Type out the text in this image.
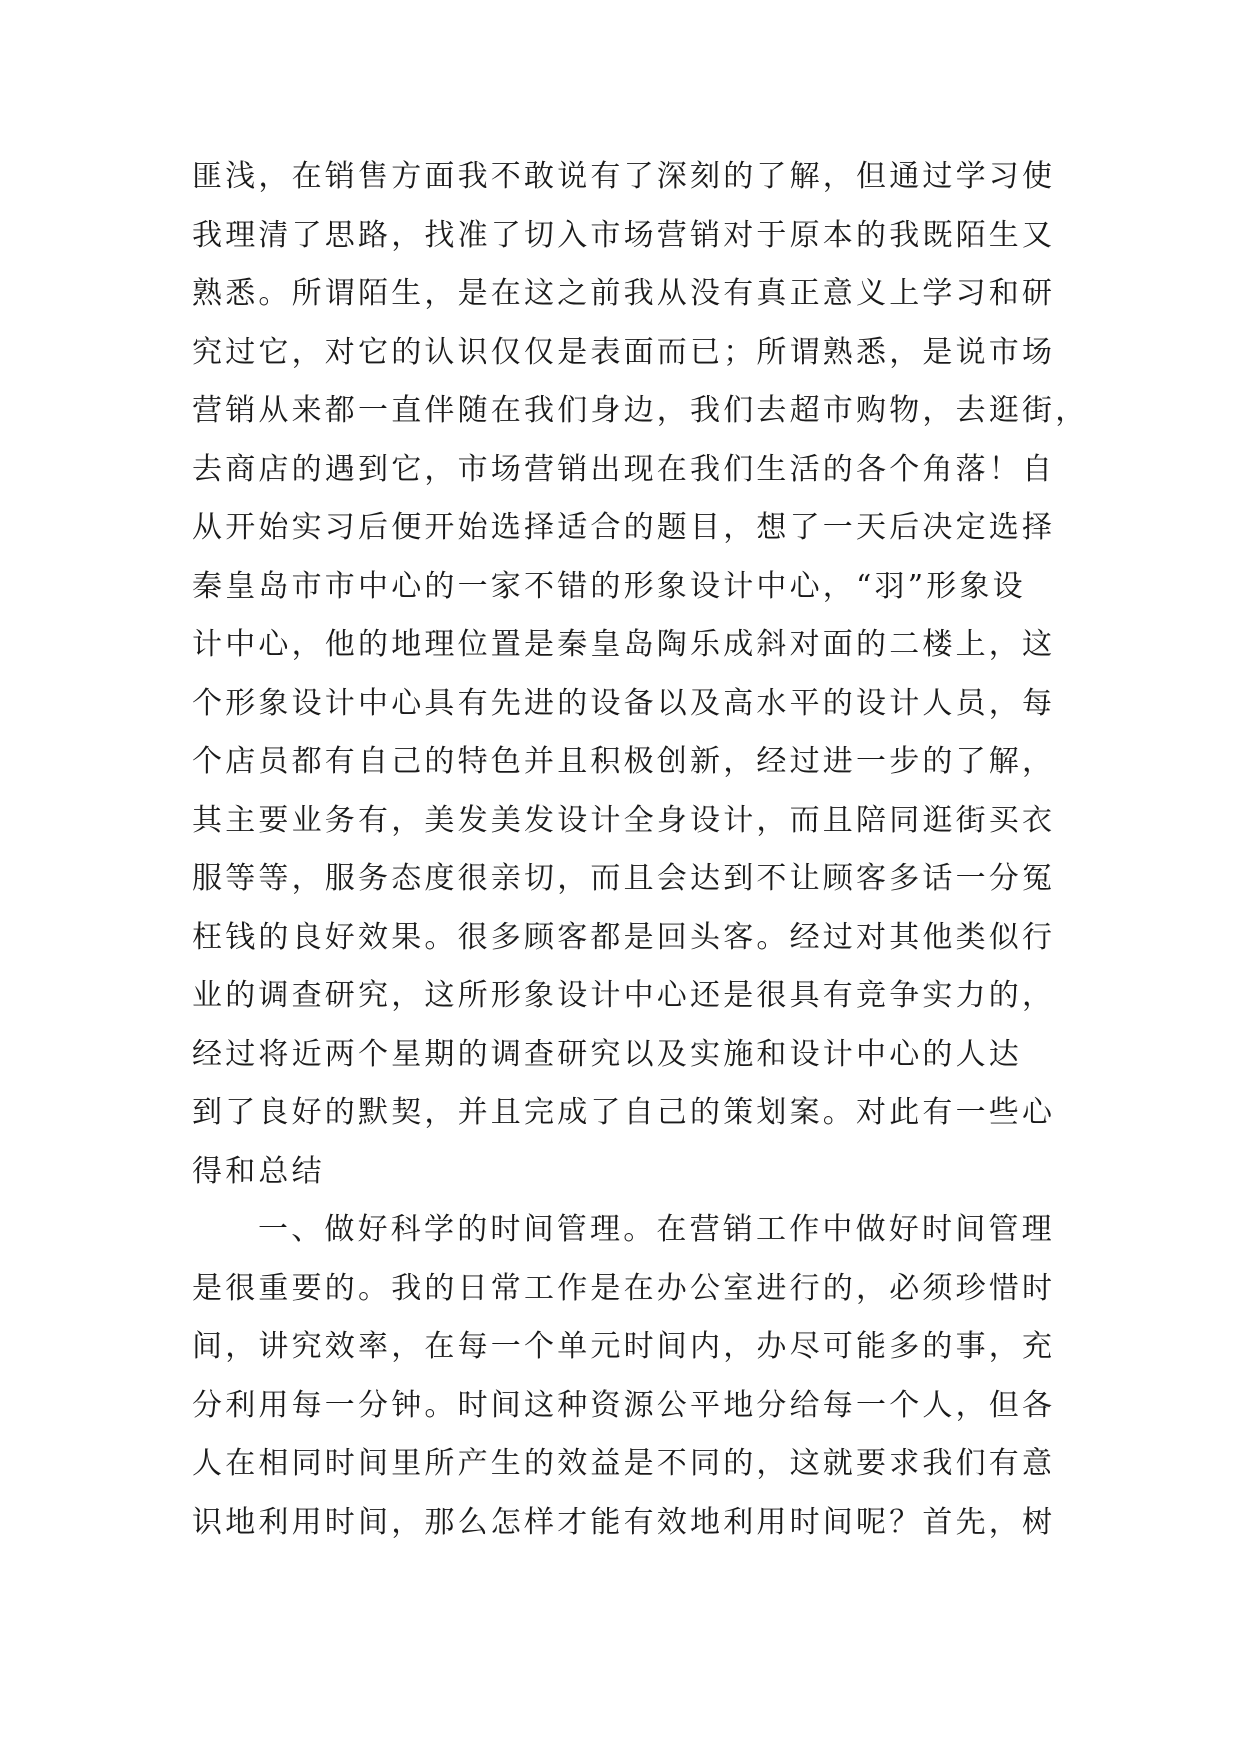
匪浅，在销售方面我不敢说有了深刻的了解，但通过学习使
我理清了思路，找准了切入市场营销对于原本的我既陌生又
熟悉。所谓陌生，是在这之前我从没有真正意义上学习和研
究过它，对它的认识仅仅是表面而已；所谓熟悉，是说市场
营销从来都一直伴随在我们身边，我们去超市购物，去逛街，
去商店的遇到它，市场营销出现在我们生活的各个角落！自
从开始实习后便开始选择适合的题目，想了一天后决定选择
秦皇岛市市中心的一家不错的形象设计中心，“羽”形象设
计中心，他的地理位置是秦皇岛陶乐成斜对面的二楼上，这
个形象设计中心具有先进的设备以及高水平的设计人员，每
个店员都有自己的特色并且积极创新，经过进一步的了解，
其主要业务有，美发美发设计全身设计，而且陪同逛街买衣
服等等，服务态度很亲切，而且会达到不让顾客多话一分冤
枉钱的良好效果。很多顾客都是回头客。经过对其他类似行
业的调查研究，这所形象设计中心还是很具有竞争实力的，
经过将近两个星期的调查研究以及实施和设计中心的人达
到了良好的默契，并且完成了自己的策划案。对此有一些心
得和总结
一、做好科学的时间管理。在营销工作中做好时间管理
是很重要的。我的日常工作是在办公室进行的，必须珍惜时
间，讲究效率，在每一个单元时间内，办尽可能多的事，充
分利用每一分钟。时间这种资源公平地分给每一个人，但各
人在相同时间里所产生的效益是不同的，这就要求我们有意
识地利用时间，那么怎样才能有效地利用时间呢？首先，树
